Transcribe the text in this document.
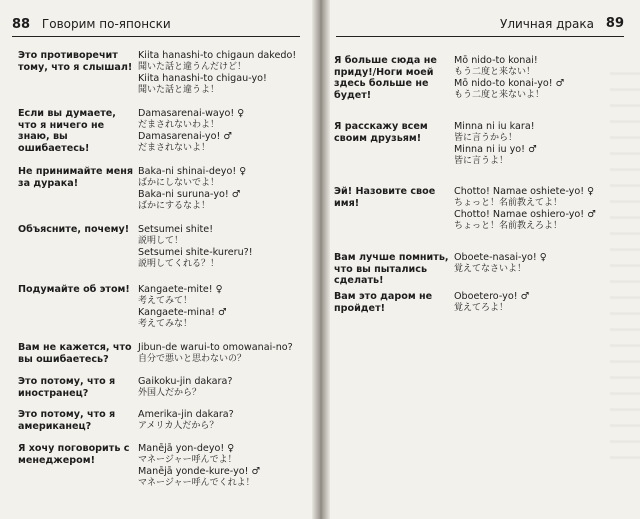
88 Говорим по-японски
Это противоречит тому, что я слышал!
Kiita hanashi-to chigaun dakedo!
聞いた話と違うんだけど！
Kiita hanashi-to chigau-yo!
聞いた話と違うよ！
Если вы думаете, что я ничего не знаю, вы ошибаетесь!
Damasarenai-wayo! ♀
だまされないわよ！
Damasarenai-yo! ♂
だまされないよ！
Не принимайте меня за дурака!
Baka-ni shinai-deyo! ♀
ばかにしないでよ！
Baka-ni suruna-yo! ♂
ばかにするなよ！
Объясните, почему! Setsumei shite!
説明して！
Setsumei shite-kureru?!
説明してくれる？！
Подумайте об этом! Kangaete-mite! ♀
考えてみて！
Kangaete-mina! ♂
考えてみな！
Вам не кажется, что вы ошибаетесь?
Jibun-de warui-to omowanai-no?
自分で悪いと思わないの？
Это потому, что я иностранец?
Gaikoku-jin dakara?
外国人だから？
Это потому, что я американец?
Amerika-jin dakara?
アメリカ人だから？
Я хочу поговорить с менеджером!
Manējā yon-deyo! ♀
マネージャー呼んでよ！
Manējā yonde-kure-yo! ♂
マネージャー呼んでくれよ！
Уличная драка 89
Я больше сюда не приду!/Ноги моей здесь больше не будет!
Mō nido-to konai!
もう二度と来ない！
Mō nido-to konai-yo! ♂
もう二度と来ないよ！
Я расскажу всем своим друзьям!
Minna ni iu kara!
皆に言うから！
Minna ni iu yo! ♂
皆に言うよ！
Эй! Назовите свое имя!
Chotto! Namae oshiete-yo! ♀
ちょっと！名前教えてよ！
Chotto! Namae oshiero-yo! ♂
ちょっと！名前教えろよ！
Вам лучше помнить, что вы пытались сделать!
Oboete-nasai-yo! ♀
覚えてなさいよ！
Вам это даром не пройдет!
Oboetero-yo! ♂
覚えてろよ！
